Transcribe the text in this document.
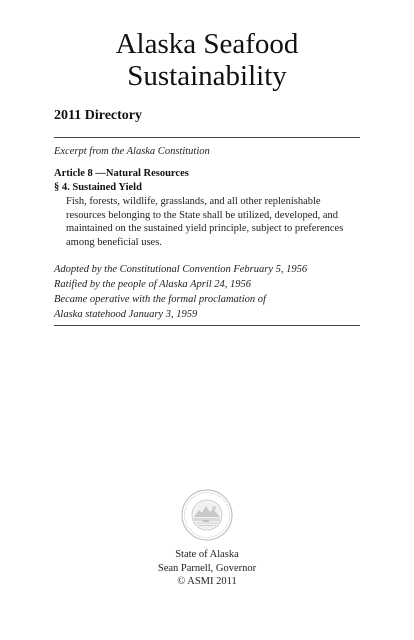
Alaska Seafood
Sustainability
2011 Directory
Excerpt from the Alaska Constitution
Article 8 —Natural Resources
§ 4. Sustained Yield
Fish, forests, wildlife, grasslands, and all other replenishable
resources belonging to the State shall be utilized, developed, and
maintained on the sustained yield principle, subject to preferences
among beneficial uses.
Adopted by the Constitutional Convention February 5, 1956
Ratified by the people of Alaska April 24, 1956
Became operative with the formal proclamation of
Alaska statehood January 3, 1959
State of Alaska
Sean Parnell, Governor
© ASMI 2011
